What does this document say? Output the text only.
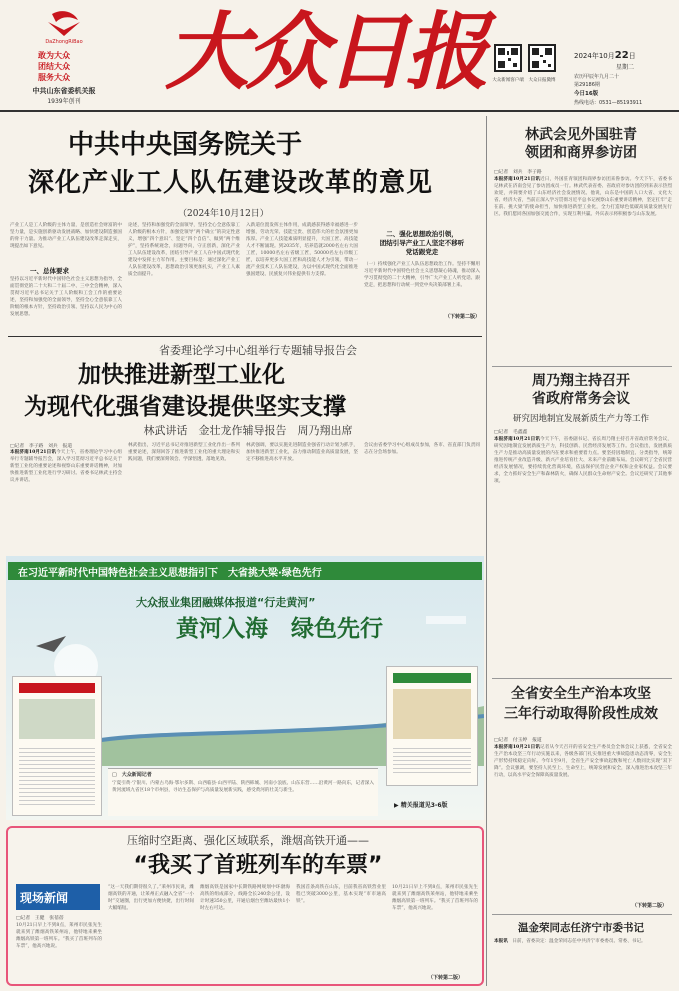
DaZhongRiBao
敢为大众
团结大众
服务大众
中共山东省委机关报
1939年创刊
大众日报	大众新闻客户端	大众日报微博
2024年10月22日
星期二
农历甲辰年九月二十
第29186期
今日16版
热线电话：0531—85193911
中共中央国务院关于
深化产业工人队伍建设改革的意见
（2024年10月12日）
产业工人是工人阶级的主体力量，是创造社会财富的中坚力量，是实施创新驱动发展战略、加快建设制造强国的骨干力量。为推动产业工人队伍建设改革走深走实，现提出如下意见。
一、总体要求
坚持以习近平新时代中国特色社会主义思想为指导，全面贯彻党的二十大和二十届二中、三中全会精神，深入贯彻习近平总书记关于工人阶级和工会工作的重要论述，坚持和加强党的全面领导，坚持全心全意依靠工人阶级的根本方针，坚持政治引领、坚持以人民为中心的发展思想。
论述，坚持和加强党的全面领导，坚持全心全意依靠工人阶级的根本方针，加强党领导“两个确立”的决定性意义，增强“四个意识”、坚定“四个自信”、做到“两个维护”，坚持系统观念，问题导向，守正创新，深化产业工人队伍建设改革，团结引导产业工人在中国式现代化建设中发挥主力军作用。主要目标是：通过深化产业工人队伍建设改革，思想政治引领更加扎实，产业工人素质全面提升。
入新道位置发挥主体作用，成就感获得感幸福感进一步增强，劳动光荣、技能宝贵、创造伟大的社会氛围更加浓厚。产业工人技能素质明显提升，大国工匠、高技能人才不断涌现。到2035年，培养造就2000名左右大国工匠，10000名左右省级工匠，50000名左右市级工匠，以培养更多大国工匠和高技能人才为引领，带动一流产业技术工人队伍建设，为以中国式现代化全面推进强国建设、民族复兴伟业提供有力支撑。
二、强化思想政治引领，
团结引导产业工人坚定不移听
党话跟党走
（一）持续强化产业工人队伍思想政治工作。坚持不懈用习近平新时代中国特色社会主义思想凝心铸魂，推动深入学习贯彻党的二十大精神，引导广大产业工人听党话、跟党走，把思想和行动统一到党中央决策部署上来。
（下转第二版）
省委理论学习中心组举行专题辅导报告会
加快推进新型工业化
为现代化强省建设提供坚实支撑
林武讲话　金壮龙作辅导报告　周乃翔出席
□记者　李子路　刘兵　报道
本报济南10月21日讯今天上午，省委理论学习中心组举行专题辅导报告会，深入学习贯彻习近平总书记关于新型工业化的重要论述和视察山东重要讲话精神，对加快推进新型工业化进行学习研讨。省委书记林武主持会议并讲话。
林武指出，习近平总书记对推进新型工业化作出一系列重要论述，深刻回答了推进新型工业化的重大理论和实践问题，我们要深刻领会、学深悟透、落地见效。
林武强调，要以实施先进制造业强省行动计划为抓手，加快推进新型工业化，奋力推动制造业高质量发展，坚定不移推进高水平开放。
会议由省委学习中心组成员参加，各市、省直部门负责同志在分会场参加。
在习近平新时代中国特色社会主义思想指引下　大省挑大梁·绿色先行
大众报业集团融媒体报道“行走黄河”
黄河入海　绿色先行
□　大众新闻记者
宁夏引黄·宁银川、内蒙古乌海·鄂尔多斯、山西临县·山西平陆、陕西韩城、河南小浪底、山东东营……沿黄河一路向东，记者深入黄河流域九省区18个市州县，寻访生态保护与高质量发展新实践，感受黄河的壮美与新生。
▶ 精关报道见3-6版
压缩时空距离、强化区域联系，潍烟高铁开通——
“我买了首班列车的车票”
现场新闻
□记者　王健　张蓓蓓
10月21日早上不到8点，莱州市民张先生就来到了潍烟高铁莱州站，他特地来乘坐潍烟高铁第一班列车。“我买了首班列车的车票”，他高兴地说。
“这一天我们期待很久了。”莱州市民说，潍烟高铁的开通，让莱州正式融入全省“一小时”交通圈，出行更加方便快捷，出行时间大幅缩短。
潍烟高铁是国家中长期铁路网规划中环渤海高铁的组成部分，线路全长240余公里，设计时速350公里，开通后烟台至潍坊最快1小时左右可达。
我国首条高铁在山东，目前我省高铁营业里程已突破3000公里，基本实现“市市通高铁”。
10月21日早上不到8点，莱州市民张先生就来到了潍烟高铁莱州站，他特地来乘坐潍烟高铁第一班列车。“我买了首班列车的车票”，他高兴地说。
（下转第二版）
林武会见外国驻青
领团和商界参访团
□记者　刘兵　李子路
本报济南10月21日讯近日，外国驻青领团和商界参访团来鲁参访。今天下午，省委书记林武在济南会见了参访团成员一行。林武代表省委、省政府对参访团的到来表示热烈欢迎，并简要介绍了山东经济社会发展情况。他说，山东是中国的人口大省、文化大省、经济大省，当前正深入学习贯彻习近平总书记视察山东重要讲话精神，坚定扛牢“走在前、挑大梁”的使命担当，加快推进新型工业化，全力打造绿色低碳高质量发展先行区。我们愿同各国加强交流合作，实现互利共赢。外宾表示将积极参与山东发展。
周乃翔主持召开
省政府常务会议
研究因地制宜发展新质生产力等工作
□记者　毛鑫鑫
本报济南10月21日讯今天下午，省委副书记、省长周乃翔主持召开省政府常务会议，研究因地制宜发展新质生产力，科技创新、民营经济发展等工作。会议指出，发展新质生产力是推动高质量发展的内在要求和重要着力点。要坚持因地制宜、分类指导，统筹推进传统产业改造升级、新兴产业培育壮大、未来产业前瞻布局。会议研究了全省民营经济发展情况，要持续优化营商环境，依法保护民营企业产权和企业家权益。会议要求，全力抓好安全生产和森林防火，确保人民群众生命财产安全。会议还研究了其他事项。
全省安全生产治本攻坚
三年行动取得阶段性成效
□记者　付玉婷　报道
本报济南10月21日讯记者从今天召开的省安全生产委员会全体会议上获悉，全省安全生产治本攻坚三年行动实施以来，各级各部门扎实推进重大事故隐患动态清零，安全生产形势持续稳定向好。今年1至9月，全省生产安全事故起数和死亡人数同比实现“双下降”。会议强调，要坚持人民至上、生命至上，统筹发展和安全，深入推进治本攻坚三年行动，以高水平安全保障高质量发展。
（下转第二版）
温金荣同志任济宁市委书记
本报讯　 日前，省委决定：温金荣同志任中共济宁市委委员、常委、书记。
